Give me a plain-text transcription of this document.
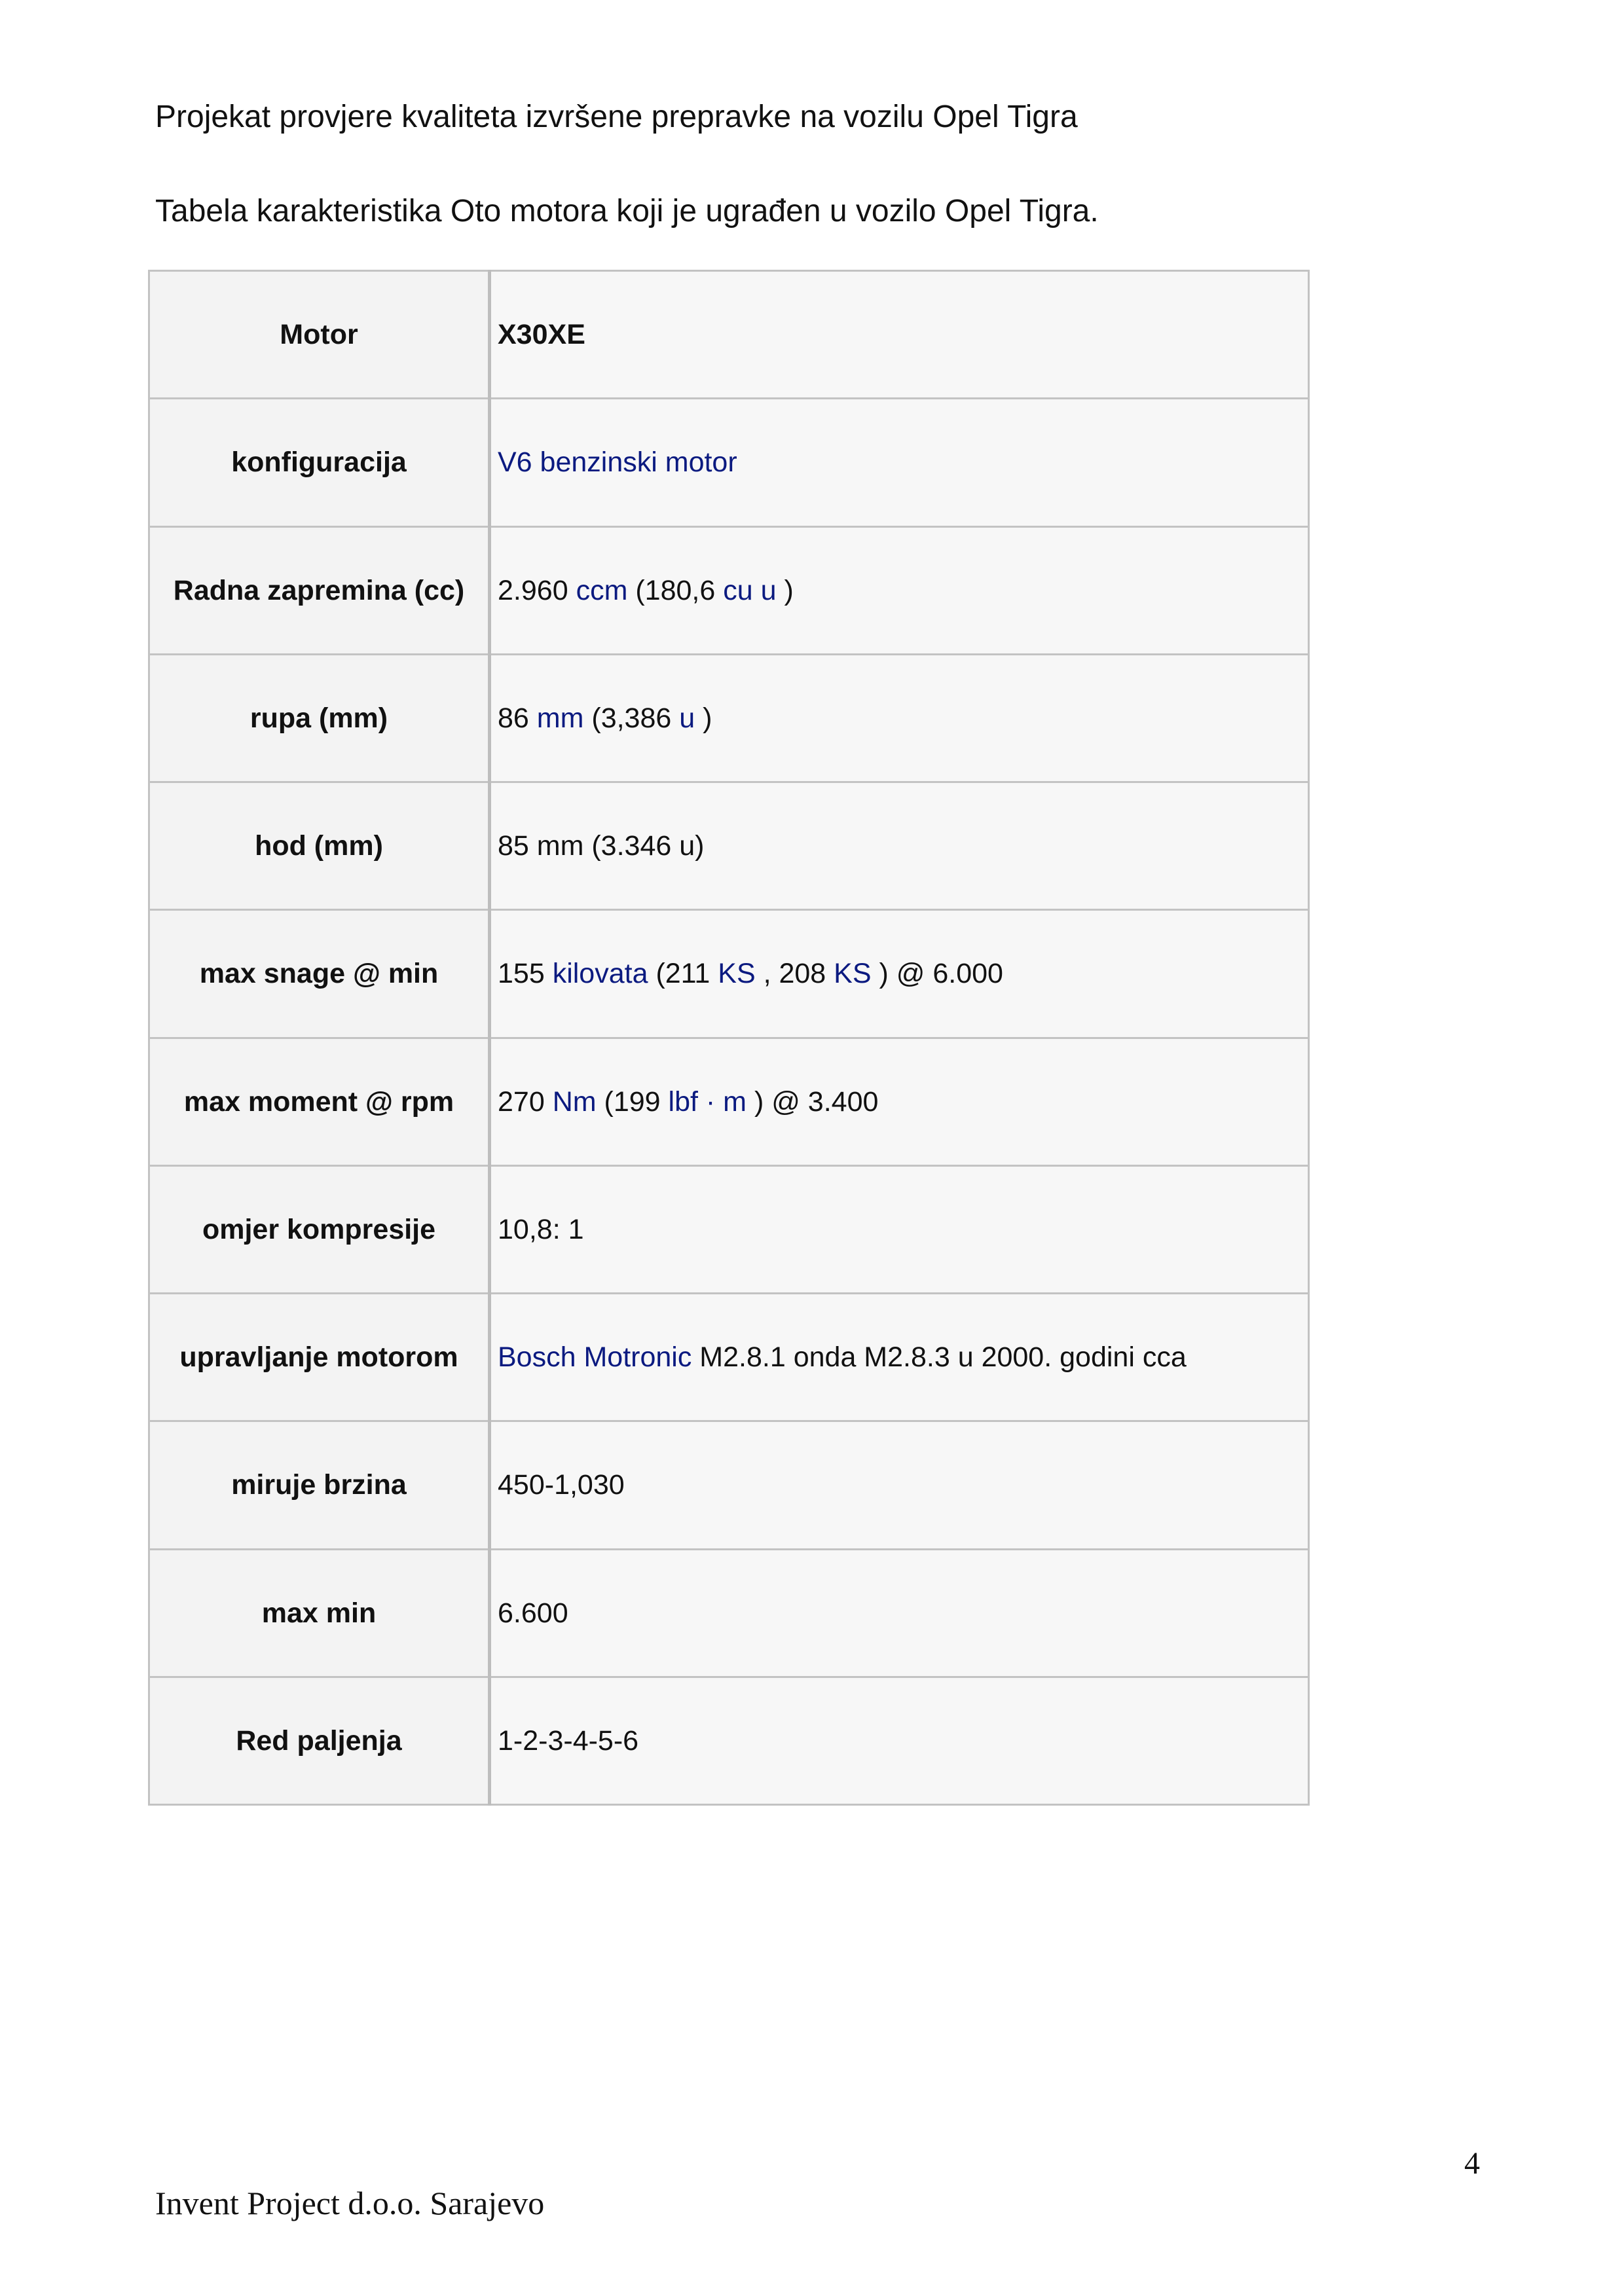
Projekat provjere kvaliteta izvršene prepravke na vozilu Opel Tigra

Tabela karakteristika Oto motora koji je ugrađen u vozilo Opel Tigra.

Motor	X30XE
konfiguracija	V6 benzinski motor
Radna zapremina (cc)	2.960 ccm (180,6 cu u )
rupa (mm)	86 mm (3,386 u )
hod (mm)	85 mm (3.346 u)
max snage @ min	155 kilovata (211 KS , 208 KS ) @ 6.000
max moment @ rpm	270 Nm (199 lbf · m ) @ 3.400
omjer kompresije	10,8: 1
upravljanje motorom	Bosch Motronic M2.8.1 onda M2.8.3 u 2000. godini cca
miruje brzina	450-1,030
max min	6.600
Red paljenja	1-2-3-4-5-6
4
Invent Project d.o.o. Sarajevo
